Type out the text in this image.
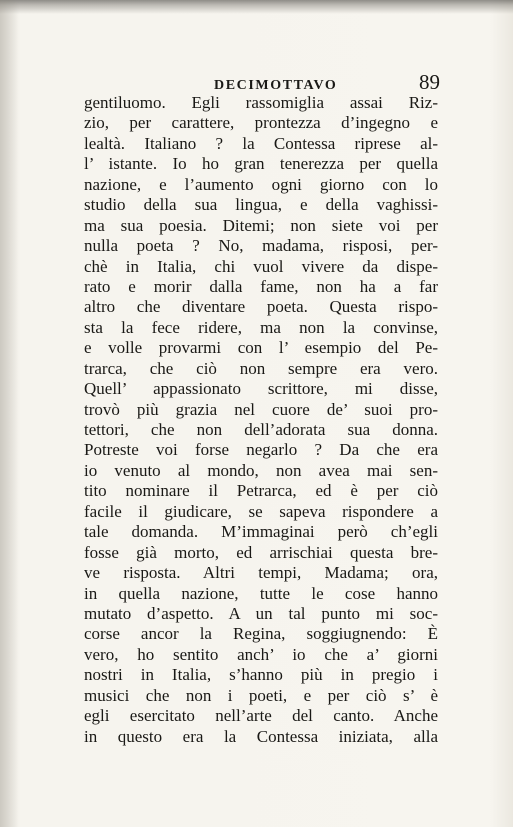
DECIMOTTAVO	89
gentiluomo. Egli rassomiglia assai Riz-
zio, per carattere, prontezza d’ingegno e
lealtà. Italiano ? la Contessa riprese al-
l’ istante. Io ho gran tenerezza per quella
nazione, e l’aumento ogni giorno con lo
studio della sua lingua, e della vaghissi-
ma sua poesia. Ditemi; non siete voi per
nulla poeta ? No, madama, risposi, per-
chè in Italia, chi vuol vivere da dispe-
rato e morir dalla fame, non ha a far
altro che diventare poeta. Questa rispo-
sta la fece ridere, ma non la convinse,
e volle provarmi con l’ esempio del Pe-
trarca, che ciò non sempre era vero.
Quell’ appassionato scrittore, mi disse,
trovò più grazia nel cuore de’ suoi pro-
tettori, che non dell’adorata sua donna.
Potreste voi forse negarlo ? Da che era
io venuto al mondo, non avea mai sen-
tito nominare il Petrarca, ed è per ciò
facile il giudicare, se sapeva rispondere a
tale domanda. M’immaginai però ch’egli
fosse già morto, ed arrischiai questa bre-
ve risposta. Altri tempi, Madama; ora,
in quella nazione, tutte le cose hanno
mutato d’aspetto. A un tal punto mi soc-
corse ancor la Regina, soggiugnendo: È
vero, ho sentito anch’ io che a’ giorni
nostri in Italia, s’hanno più in pregio i
musici che non i poeti, e per ciò s’ è
egli esercitato nell’arte del canto. Anche
in questo era la Contessa iniziata, alla
